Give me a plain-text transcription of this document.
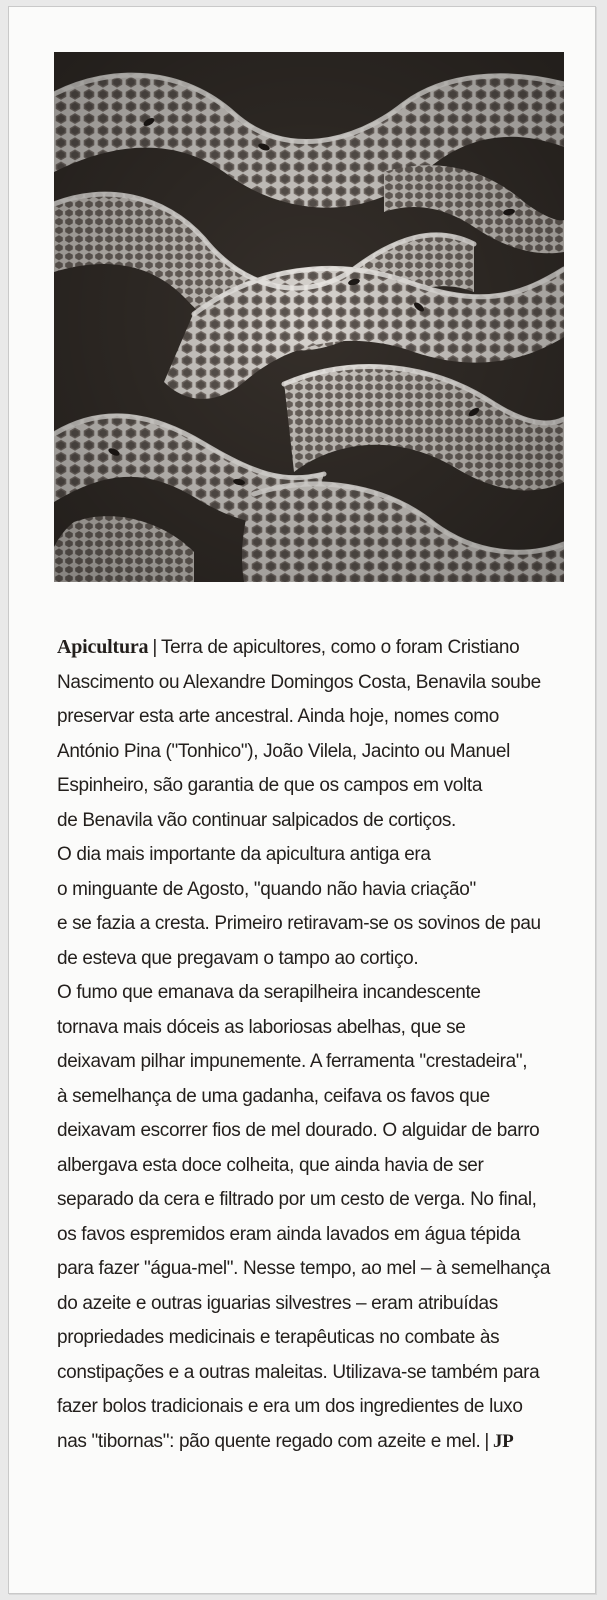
Apicultura | Terra de apicultores, como o foram Cristiano
Nascimento ou Alexandre Domingos Costa, Benavila soube
preservar esta arte ancestral. Ainda hoje, nomes como
António Pina ("Tonhico"), João Vilela, Jacinto ou Manuel
Espinheiro, são garantia de que os campos em volta
de Benavila vão continuar salpicados de cortiços.
O dia mais importante da apicultura antiga era
o minguante de Agosto, "quando não havia criação"
e se fazia a cresta. Primeiro retiravam-se os sovinos de pau
de esteva que pregavam o tampo ao cortiço.
O fumo que emanava da serapilheira incandescente
tornava mais dóceis as laboriosas abelhas, que se
deixavam pilhar impunemente. A ferramenta "crestadeira",
à semelhança de uma gadanha, ceifava os favos que
deixavam escorrer fios de mel dourado. O alguidar de barro
albergava esta doce colheita, que ainda havia de ser
separado da cera e filtrado por um cesto de verga. No final,
os favos espremidos eram ainda lavados em água tépida
para fazer "água-mel". Nesse tempo, ao mel – à semelhança
do azeite e outras iguarias silvestres – eram atribuídas
propriedades medicinais e terapêuticas no combate às
constipações e a outras maleitas. Utilizava-se também para
fazer bolos tradicionais e era um dos ingredientes de luxo
nas "tibornas": pão quente regado com azeite e mel. | JP
